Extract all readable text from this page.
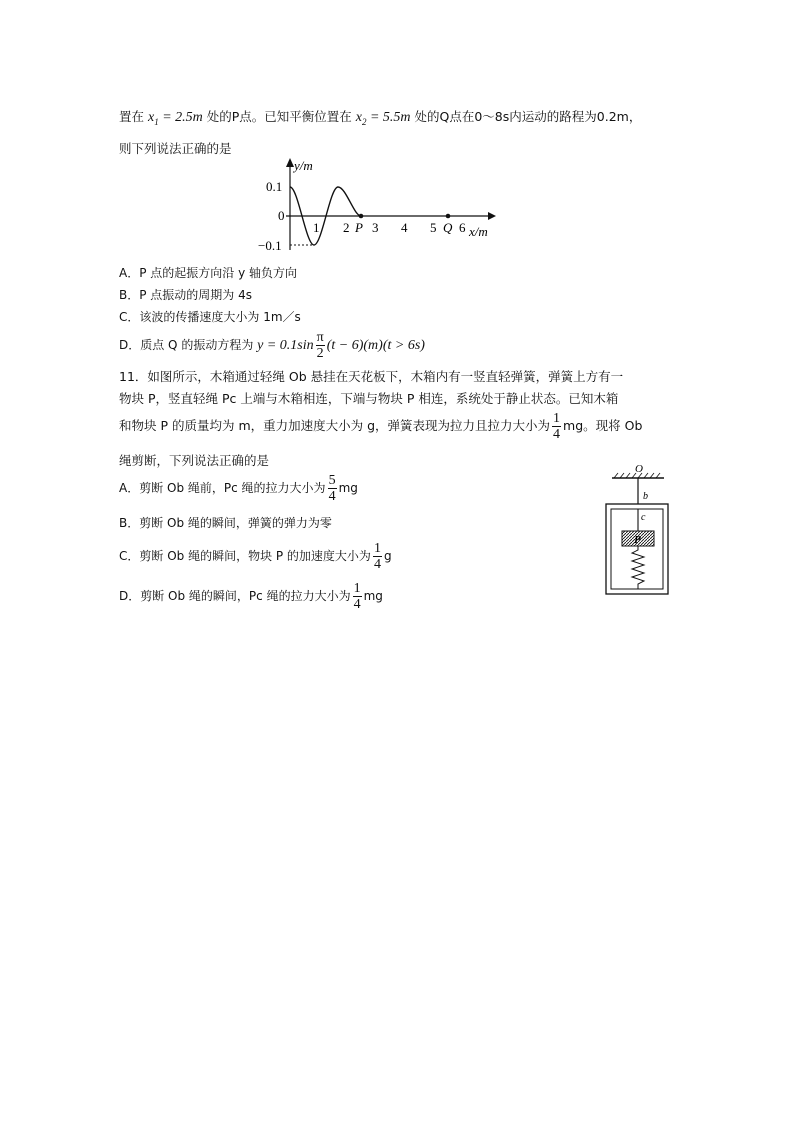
置在 $x_1 = 2.5m$ 处的P点。已知平衡位置在 $x_2 = 5.5m$ 处的Q点在0～8s内运动的路程为0.2m，
则下列说法正确的是
y/m
0.1
0
−0.1
1 2 P 3 4 5 Q 6 x/m
A．P 点的起振方向沿 y 轴负方向
B．P 点振动的周期为 4s
C．该波的传播速度大小为 1m／s
D．质点 Q 的振动方程为 $y = 0.1\sin \frac{\pi}{2} (t - 6)(m)(t > 6s)$
11．如图所示，木箱通过轻绳 Ob 悬挂在天花板下，木箱内有一竖直轻弹簧，弹簧上方有一
物块 P，竖直轻绳 Pc 上端与木箱相连，下端与物块 P 相连，系统处于静止状态。已知木箱
和物块 P 的质量均为 m，重力加速度大小为 g，弹簧表现为拉力且拉力大小为 $\frac{1}{4}$ mg。现将 Ob
绳剪断，下列说法正确的是
A．剪断 Ob 绳前，Pc 绳的拉力大小为 $\frac{5}{4}$ mg
B．剪断 Ob 绳的瞬间，弹簧的弹力为零
C．剪断 Ob 绳的瞬间，物块 P 的加速度大小为 $\frac{1}{4}$ g
D．剪断 Ob 绳的瞬间，Pc 绳的拉力大小为 $\frac{1}{4}$ mg
O
b
c
P
